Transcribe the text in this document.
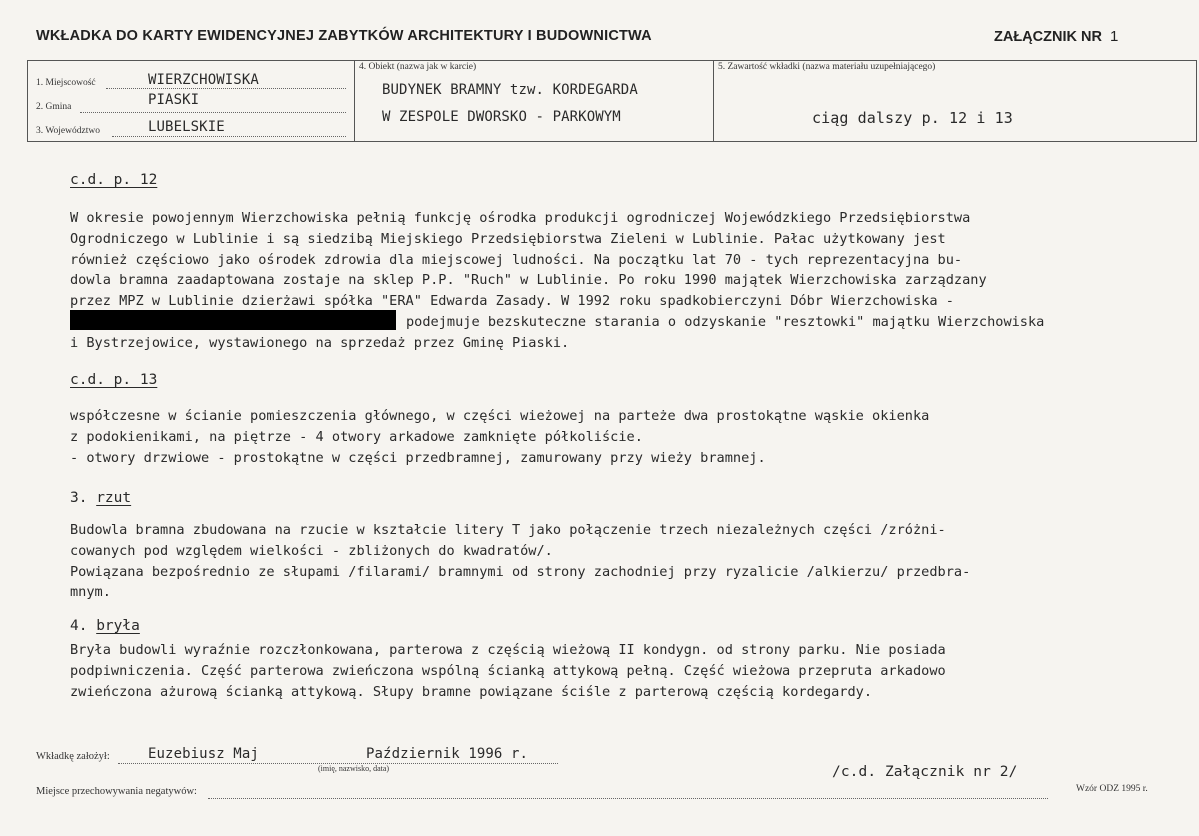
WKŁADKA DO KARTY EWIDENCYJNEJ ZABYTKÓW ARCHITEKTURY I BUDOWNICTWA	ZAŁĄCZNIK NR 1
1. Miejscowość	WIERZCHOWISKA
2. Gmina	PIASKI
3. Województwo	LUBELSKIE
4. Obiekt (nazwa jak w karcie)
BUDYNEK BRAMNY tzw. KORDEGARDA
W ZESPOLE DWORSKO - PARKOWYM
5. Zawartość wkładki (nazwa materiału uzupełniającego)
ciąg dalszy p. 12 i 13
c.d. p. 12
W okresie powojennym Wierzchowiska pełnią funkcję ośrodka produkcji ogrodniczej Wojewódzkiego Przedsiębiorstwa
Ogrodniczego w Lublinie i są siedzibą Miejskiego Przedsiębiorstwa Zieleni w Lublinie. Pałac użytkowany jest
również częściowo jako ośrodek zdrowia dla miejscowej ludności. Na początku lat 70 - tych reprezentacyjna bu-
dowla bramna zaadaptowana zostaje na sklep P.P. "Ruch" w Lublinie. Po roku 1990 majątek Wierzchowiska zarządzany
przez MPZ w Lublinie dzierżawi spółka "ERA" Edwarda Zasady. W 1992 roku spadkobierczyni Dóbr Wierzchowiska -
podejmuje bezskuteczne starania o odzyskanie "resztowki" majątku Wierzchowiska
i Bystrzejowice, wystawionego na sprzedaż przez Gminę Piaski.
c.d. p. 13
współczesne w ścianie pomieszczenia głównego, w części wieżowej na parteże dwa prostokątne wąskie okienka
z podokienikami, na piętrze - 4 otwory arkadowe zamknięte półkoliście.
- otwory drzwiowe - prostokątne w części przedbramnej, zamurowany przy wieży bramnej.
3. rzut
Budowla bramna zbudowana na rzucie w kształcie litery T jako połączenie trzech niezależnych części /zróżni-
cowanych pod względem wielkości - zbliżonych do kwadratów/.
Powiązana bezpośrednio ze słupami /filarami/ bramnymi od strony zachodniej przy ryzalicie /alkierzu/ przedbra-
mnym.
4. bryła
Bryła budowli wyraźnie rozczłonkowana, parterowa z częścią wieżową II kondygn. od strony parku. Nie posiada
podpiwniczenia. Część parterowa zwieńczona wspólną ścianką attykową pełną. Część wieżowa przepruta arkadowo
zwieńczona ażurową ścianką attykową. Słupy bramne powiązane ściśle z parterową częścią kordegardy.
Wkładkę założył:	Euzebiusz Maj	Październik 1996 r.
(imię, nazwisko, data)	/c.d. Załącznik nr 2/
Miejsce przechowywania negatywów:	Wzór ODZ 1995 r.
